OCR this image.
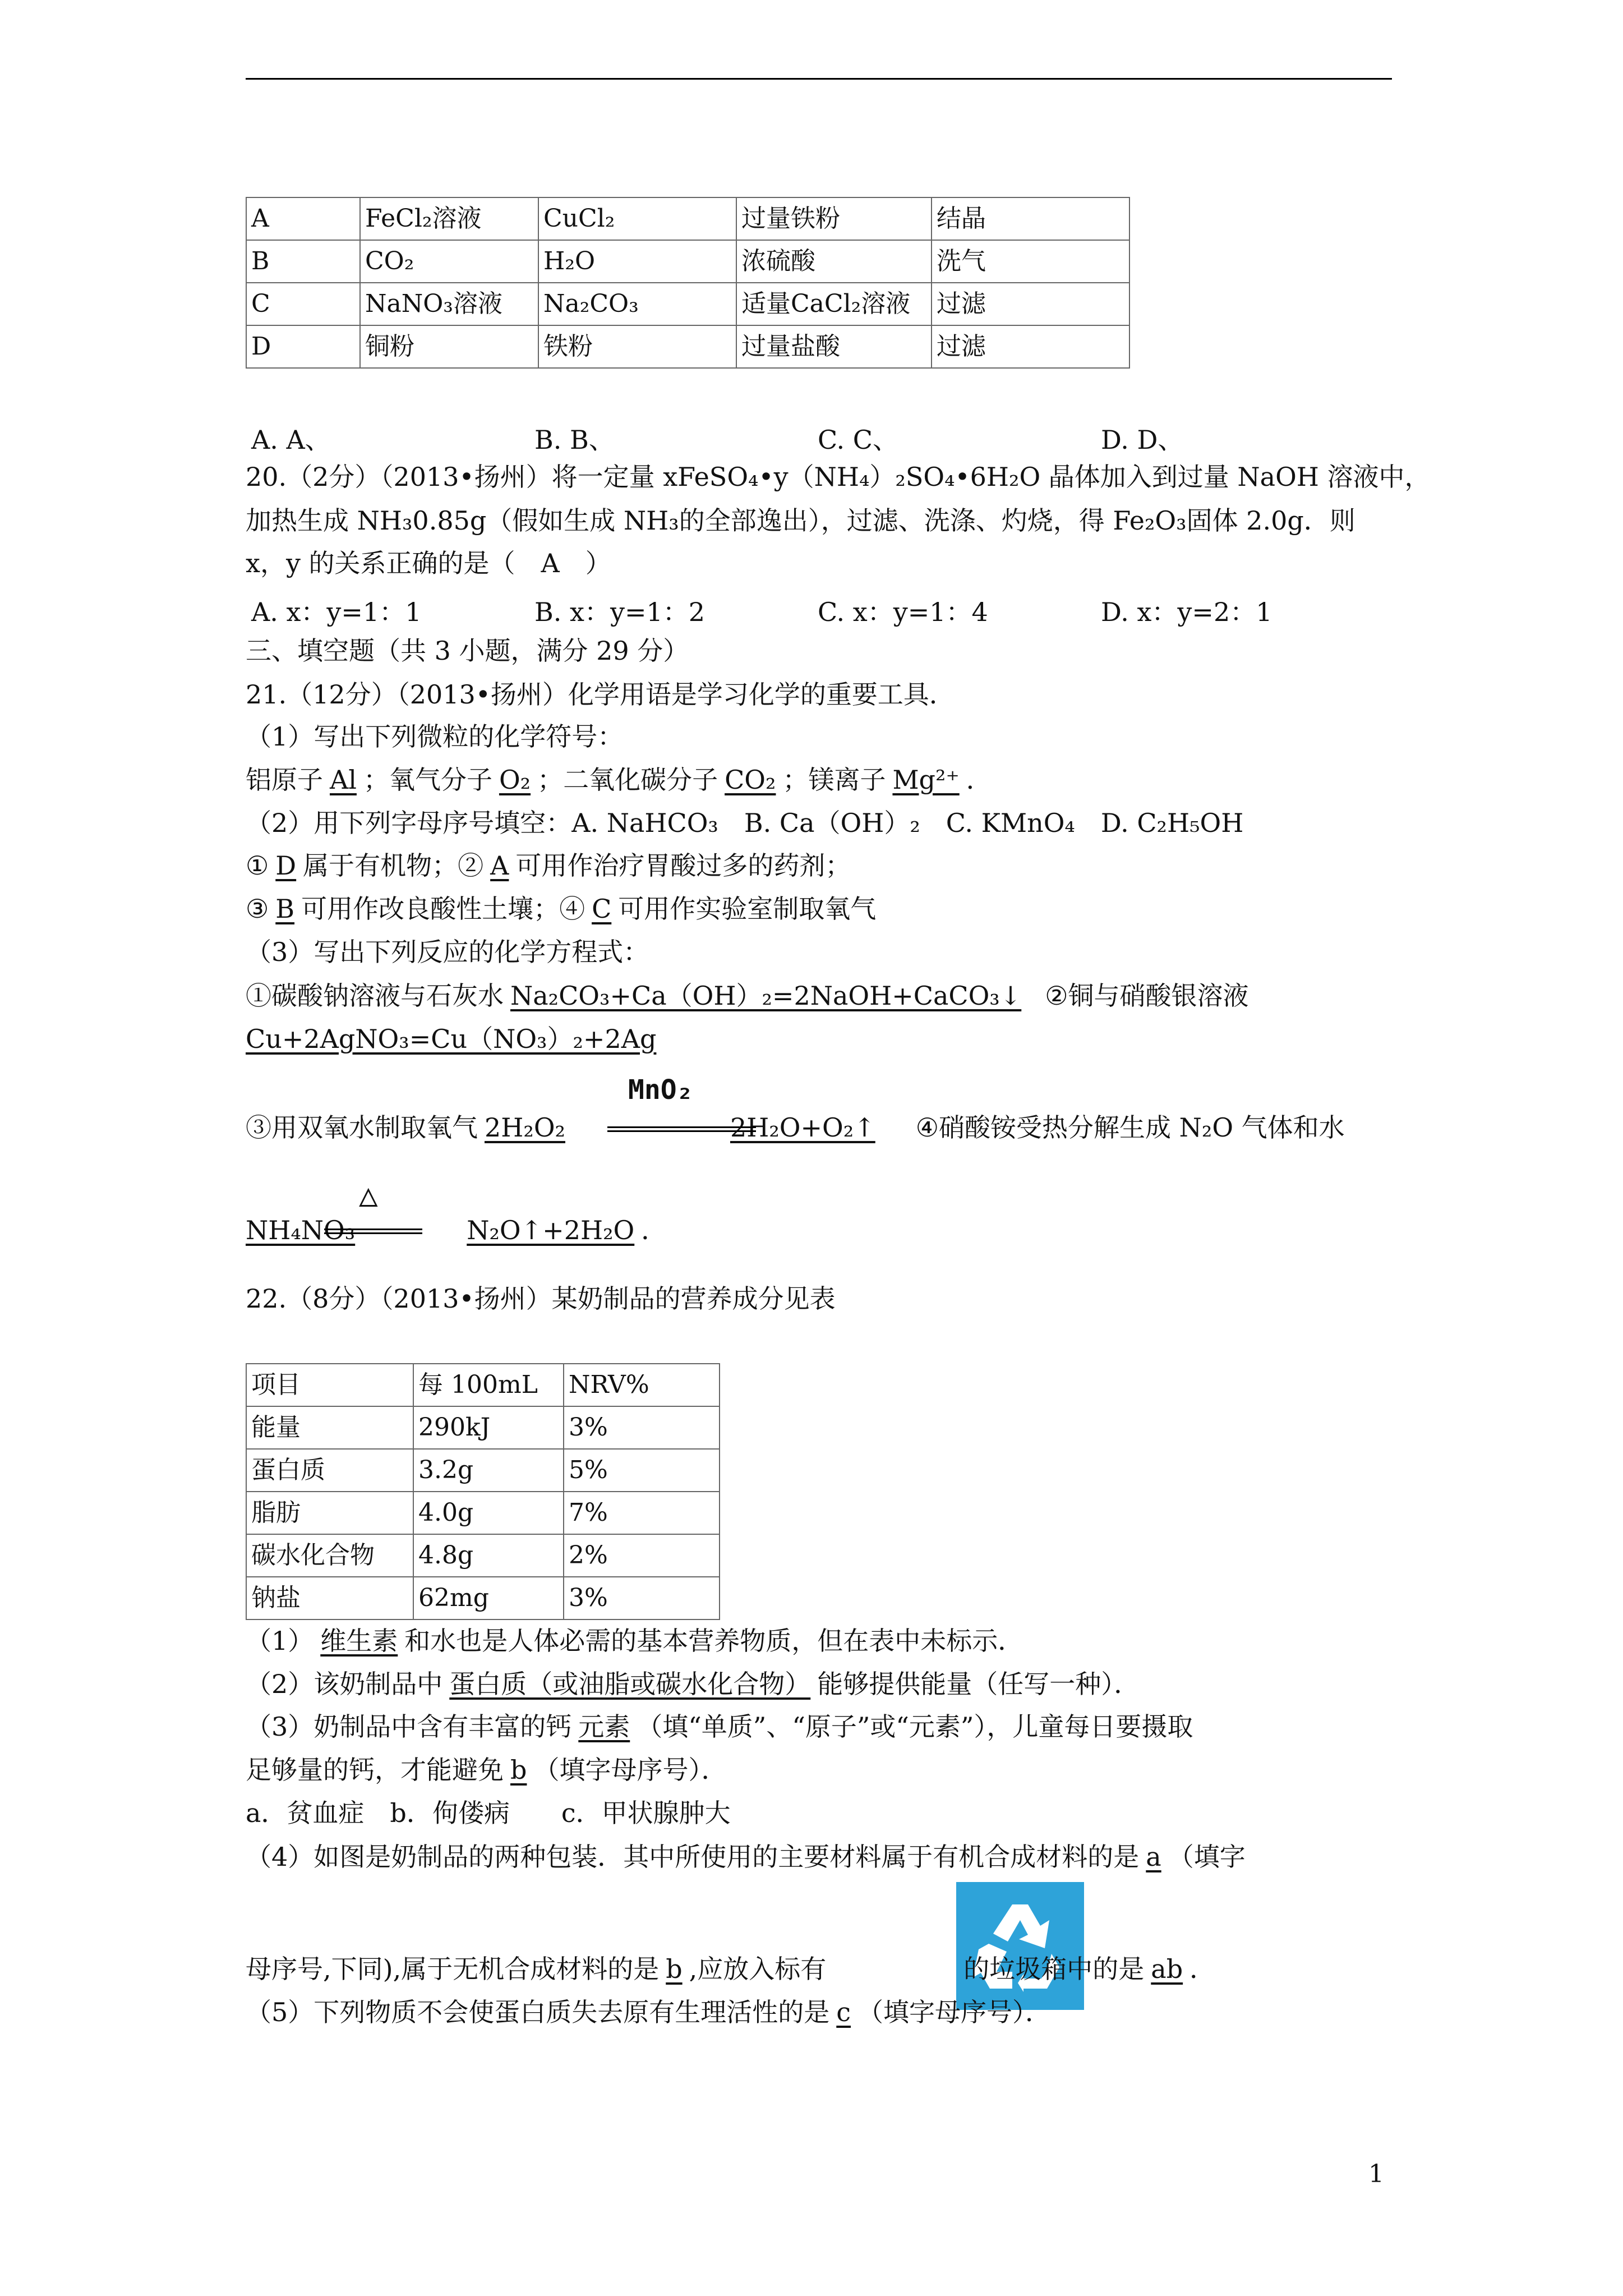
A	FeCl₂溶液	CuCl₂	过量铁粉	结晶
B	CO₂	H₂O	浓硫酸	洗气
C	NaNO₃溶液	Na₂CO₃	适量CaCl₂溶液	过滤
D	铜粉	铁粉	过量盐酸	过滤
A. A、	B. B、	C. C、	D. D、
20.（2分）（2013•扬州）将一定量 xFeSO₄•y（NH₄）₂SO₄•6H₂O 晶体加入到过量 NaOH 溶液中，
加热生成 NH₃0.85g（假如生成 NH₃的全部逸出），过滤、洗涤、灼烧，得 Fe₂O₃固体 2.0g．则
x，y 的关系正确的是（　A　）
A. x：y=1：1	B. x：y=1：2	C. x：y=1：4	D. x：y=2：1
三、填空题（共 3 小题，满分 29 分）
21.（12分）（2013•扬州）化学用语是学习化学的重要工具．
（1）写出下列微粒的化学符号：
铝原子 Al ；氧气分子 O₂ ；二氧化碳分子 CO₂ ；镁离子 Mg²⁺ ．
（2）用下列字母序号填空：A. NaHCO₃　B. Ca（OH）₂　C. KMnO₄　D. C₂H₅OH
① D 属于有机物；② A 可用作治疗胃酸过多的药剂；
③ B 可用作改良酸性土壤；④ C 可用作实验室制取氧气
（3）写出下列反应的化学方程式：
①碳酸钠溶液与石灰水 Na₂CO₃+Ca（OH）₂=2NaOH+CaCO₃↓ ②铜与硝酸银溶液
Cu+2AgNO₃=Cu（NO₃）₂+2Ag
③用双氧水制取氧气 2H₂O₂	2H₂O+O₂↑ ④硝酸铵受热分解生成 N₂O 气体和水
MnO₂
NH₄NO₃	N₂O↑+2H₂O ．
△
22.（8分）（2013•扬州）某奶制品的营养成分见表
项目	每 100mL	NRV%
能量	290kJ	3%
蛋白质	3.2g	5%
脂肪	4.0g	7%
碳水化合物	4.8g	2%
钠盐	62mg	3%
（1） 维生素 和水也是人体必需的基本营养物质，但在表中未标示．
（2）该奶制品中 蛋白质（或油脂或碳水化合物） 能够提供能量（任写一种）．
（3）奶制品中含有丰富的钙 元素 （填“单质”、“原子”或“元素”），儿童每日要摄取
足够量的钙，才能避免 b （填字母序号）．
a．贫血症　b．佝偻病　　c．甲状腺肿大
（4）如图是奶制品的两种包装．其中所使用的主要材料属于有机合成材料的是 a （填字
母序号,下同),属于无机合成材料的是 b ,应放入标有	的垃圾箱中的是 ab ．
（5）下列物质不会使蛋白质失去原有生理活性的是 c （填字母序号）．
1
